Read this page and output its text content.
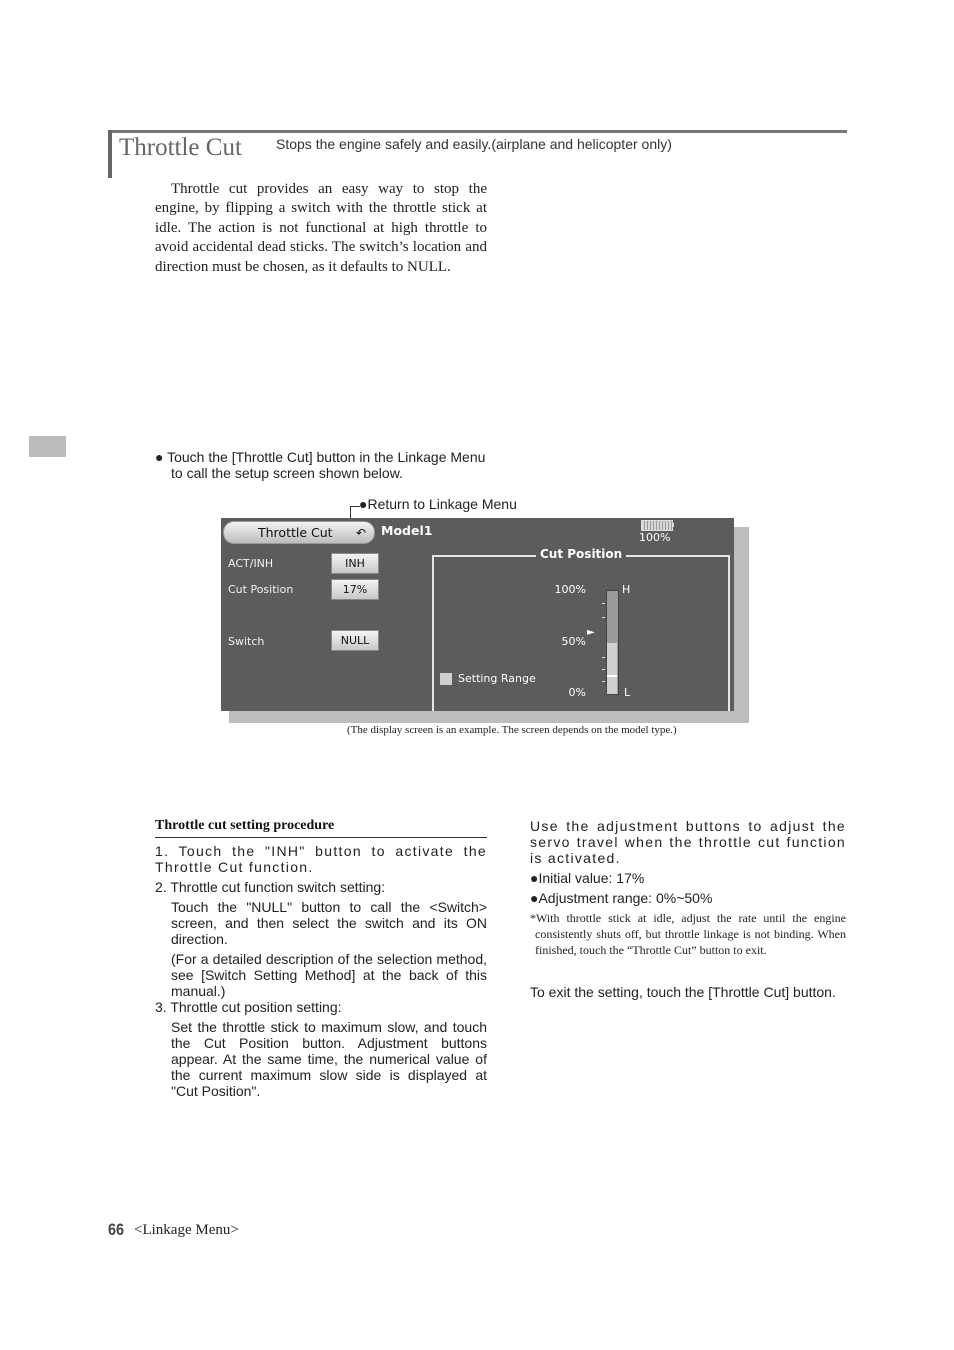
Throttle Cut Stops the engine safely and easily.(airplane and helicopter only)

Throttle cut provides an easy way to stop the engine, by flipping a switch with the throttle stick at idle. The action is not functional at high throttle to avoid accidental dead sticks. The switch’s location and direction must be chosen, as it defaults to NULL.

● Touch the [Throttle Cut] button in the Linkage Menu
to call the setup screen shown below.
●Return to Linkage Menu
Throttle Cut ↶ Model1	100%
ACT/INH	INH
Cut Position	17%
Switch	NULL
Cut Position
100%
50%
0%
H
L
►
Setting Range
(The display screen is an example. The screen depends on the model type.)
Throttle cut setting procedure

1. Touch the "INH" button to activate the Throttle Cut function.

2. Throttle cut function switch setting:

Touch the "NULL" button to call the <Switch> screen, and then select the switch and its ON direction.

(For a detailed description of the selection method, see [Switch Setting Method] at the back of this manual.)

3. Throttle cut position setting:

Set the throttle stick to maximum slow, and touch the Cut Position button. Adjustment buttons appear. At the same time, the numerical value of the current maximum slow side is displayed at "Cut Position".

Use the adjustment buttons to adjust the servo travel when the throttle cut function is activated.

●Initial value: 17%

●Adjustment range: 0%~50%

*With throttle stick at idle, adjust the rate until the engine consistently shuts off, but throttle linkage is not binding. When finished, touch the “Throttle Cut” button to exit.

To exit the setting, touch the [Throttle Cut] button.

66 <Linkage Menu>
